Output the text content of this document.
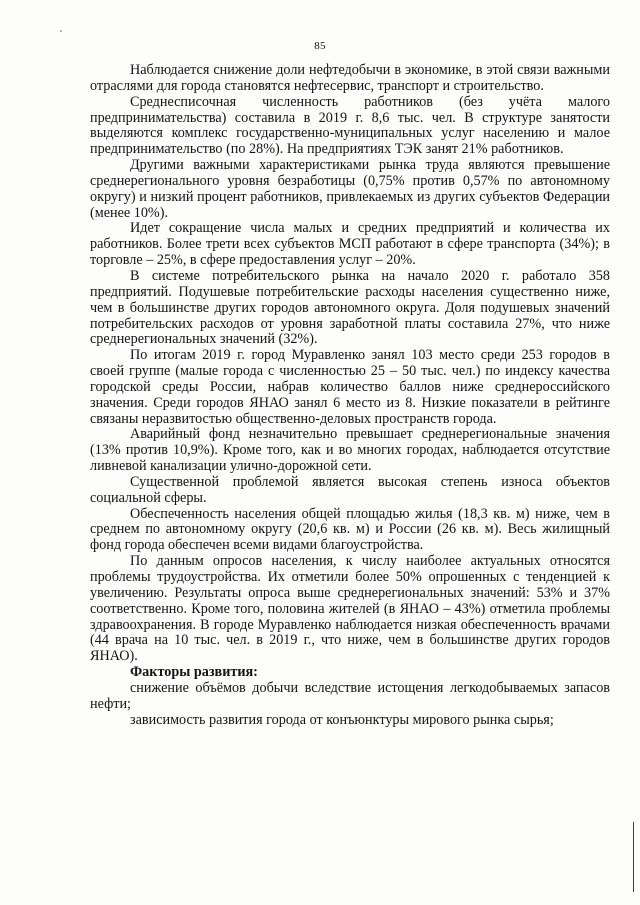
85

Наблюдается снижение доли нефтедобычи в экономике, в этой связи важными отраслями для города становятся нефтесервис, транспорт и строительство.

Среднесписочная численность работников (без учёта малого предпринимательства) составила в 2019 г. 8,6 тыс. чел. В структуре занятости выделяются комплекс государственно-муниципальных услуг населению и малое предпринимательство (по 28%). На предприятиях ТЭК занят 21% работников.

Другими важными характеристиками рынка труда являются превышение среднерегионального уровня безработицы (0,75% против 0,57% по автономному округу) и низкий процент работников, привлекаемых из других субъектов Федерации (менее 10%).

Идет сокращение числа малых и средних предприятий и количества их работников. Более трети всех субъектов МСП работают в сфере транспорта (34%); в торговле – 25%, в сфере предоставления услуг – 20%.

В системе потребительского рынка на начало 2020 г. работало 358 предприятий. Подушевые потребительские расходы населения существенно ниже, чем в большинстве других городов автономного округа. Доля подушевых значений потребительских расходов от уровня заработной платы составила 27%, что ниже среднерегиональных значений (32%).

По итогам 2019 г. город Муравленко занял 103 место среди 253 городов в своей группе (малые города с численностью 25 – 50 тыс. чел.) по индексу качества городской среды России, набрав количество баллов ниже среднероссийского значения. Среди городов ЯНАО занял 6 место из 8. Низкие показатели в рейтинге связаны неразвитостью общественно-деловых пространств города.

Аварийный фонд незначительно превышает среднерегиональные значения (13% против 10,9%). Кроме того, как и во многих городах, наблюдается отсутствие ливневой канализации улично-дорожной сети.

Существенной проблемой является высокая степень износа объектов социальной сферы.

Обеспеченность населения общей площадью жилья (18,3 кв. м) ниже, чем в среднем по автономному округу (20,6 кв. м) и России (26 кв. м). Весь жилищный фонд города обеспечен всеми видами благоустройства.

По данным опросов населения, к числу наиболее актуальных относятся проблемы трудоустройства. Их отметили более 50% опрошенных с тенденцией к увеличению. Результаты опроса выше среднерегиональных значений: 53% и 37% соответственно. Кроме того, половина жителей (в ЯНАО – 43%) отметила проблемы здравоохранения. В городе Муравленко наблюдается низкая обеспеченность врачами (44 врача на 10 тыс. чел. в 2019 г., что ниже, чем в большинстве других городов ЯНАО).

Факторы развития:

снижение объёмов добычи вследствие истощения легкодобываемых запасов нефти;

зависимость развития города от конъюнктуры мирового рынка сырья;
